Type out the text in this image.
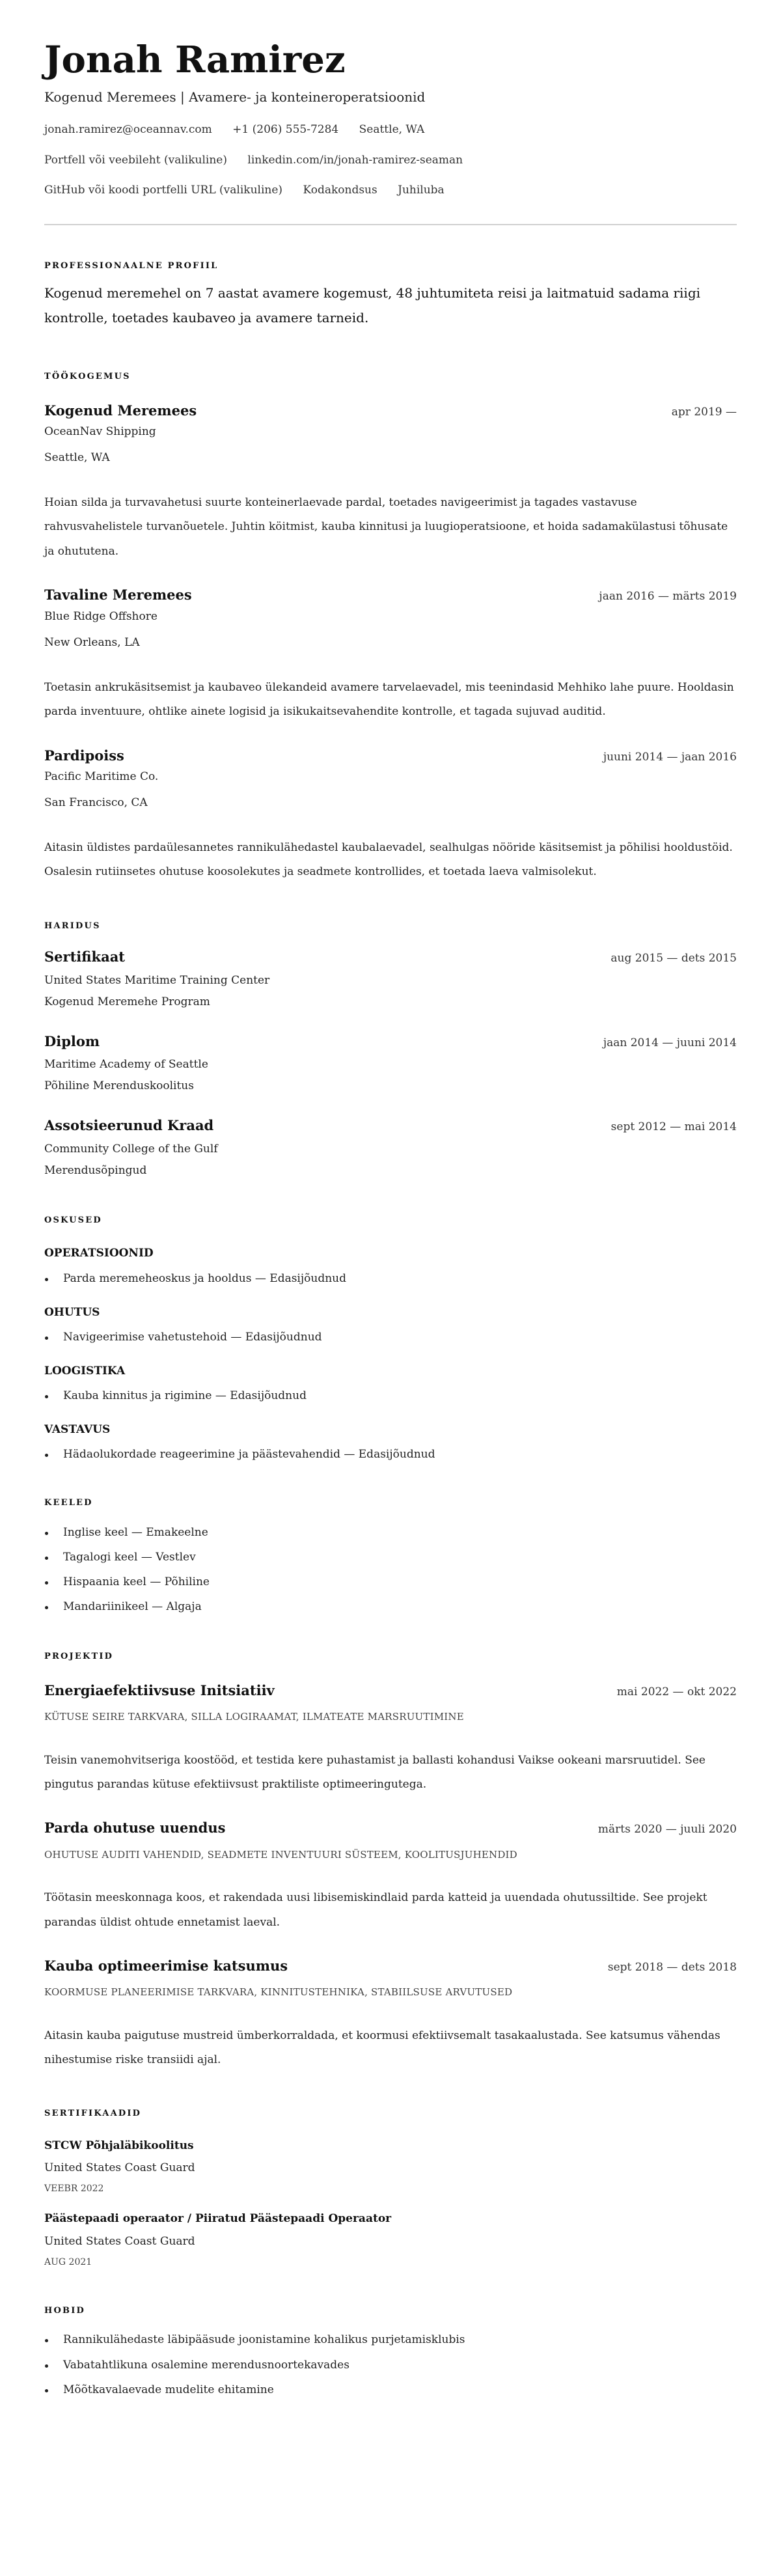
Jonah Ramirez
Kogenud Meremees | Avamere- ja konteineroperatsioonid
jonah.ramirez@oceannav.com +1 (206) 555-7284 Seattle, WA
Portfell või veebileht (valikuline) linkedin.com/in/jonah-ramirez-seaman
GitHub või koodi portfelli URL (valikuline) Kodakondsus Juhiluba
PROFESSIONAALNE PROFIIL

Kogenud meremehel on 7 aastat avamere kogemust, 48 juhtumiteta reisi ja laitmatuid sadama riigi kontrolle, toetades kaubaveo ja avamere tarneid.

TÖÖKOGEMUS
Kogenud Meremees	apr 2019 —
OceanNav Shipping
Seattle, WA

Hoian silda ja turvavahetusi suurte konteinerlaevade pardal, toetades navigeerimist ja tagades vastavuse rahvusvahelistele turvanõuetele. Juhtin köitmist, kauba kinnitusi ja luugioperatsioone, et hoida sadamakülastusi tõhusate ja ohututena.

Tavaline Meremees	jaan 2016 — märts 2019
Blue Ridge Offshore
New Orleans, LA

Toetasin ankrukäsitsemist ja kaubaveo ülekandeid avamere tarvelaevadel, mis teenindasid Mehhiko lahe puure. Hooldasin parda inventuure, ohtlike ainete logisid ja isikukaitsevahendite kontrolle, et tagada sujuvad auditid.

Pardipoiss	juuni 2014 — jaan 2016
Pacific Maritime Co.
San Francisco, CA

Aitasin üldistes pardaülesannetes rannikulähedastel kaubalaevadel, sealhulgas nööride käsitsemist ja põhilisi hooldustöid. Osalesin rutiinsetes ohutuse koosolekutes ja seadmete kontrollides, et toetada laeva valmisolekut.

HARIDUS
Sertifikaat	aug 2015 — dets 2015
United States Maritime Training Center
Kogenud Meremehe Program
Diplom	jaan 2014 — juuni 2014
Maritime Academy of Seattle
Põhiline Merenduskoolitus
Assotsieerunud Kraad	sept 2012 — mai 2014
Community College of the Gulf
Merendusõpingud
OSKUSED
OPERATSIOONID
Parda meremeheoskus ja hooldus — Edasijõudnud
OHUTUS
Navigeerimise vahetustehoid — Edasijõudnud
LOOGISTIKA
Kauba kinnitus ja rigimine — Edasijõudnud
VASTAVUS
Hädaolukordade reageerimine ja päästevahendid — Edasijõudnud
KEELED
Inglise keel — Emakeelne
Tagalogi keel — Vestlev
Hispaania keel — Põhiline
Mandariinikeel — Algaja
PROJEKTID
Energiaefektiivsuse Initsiatiiv	mai 2022 — okt 2022
KÜTUSE SEIRE TARKVARA, SILLA LOGIRAAMAT, ILMATEATE MARSRUUTIMINE

Teisin vanemohvitseriga koostööd, et testida kere puhastamist ja ballasti kohandusi Vaikse ookeani marsruutidel. See pingutus parandas kütuse efektiivsust praktiliste optimeeringutega.

Parda ohutuse uuendus	märts 2020 — juuli 2020
OHUTUSE AUDITI VAHENDID, SEADMETE INVENTUURI SÜSTEEM, KOOLITUSJUHENDID

Töötasin meeskonnaga koos, et rakendada uusi libisemiskindlaid parda katteid ja uuendada ohutussiltide. See projekt parandas üldist ohtude ennetamist laeval.

Kauba optimeerimise katsumus	sept 2018 — dets 2018
KOORMUSE PLANEERIMISE TARKVARA, KINNITUSTEHNIKA, STABIILSUSE ARVUTUSED

Aitasin kauba paigutuse mustreid ümberkorraldada, et koormusi efektiivsemalt tasakaalustada. See katsumus vähendas nihestumise riske transiidi ajal.

SERTIFIKAADID
STCW Põhjaläbikoolitus
United States Coast Guard
VEEBR 2022
Päästepaadi operaator / Piiratud Päästepaadi Operaator
United States Coast Guard
AUG 2021
HOBID
Rannikulähedaste läbipääsude joonistamine kohalikus purjetamisklubis
Vabatahtlikuna osalemine merendusnoortekavades
Mõõtkavalaevade mudelite ehitamine
